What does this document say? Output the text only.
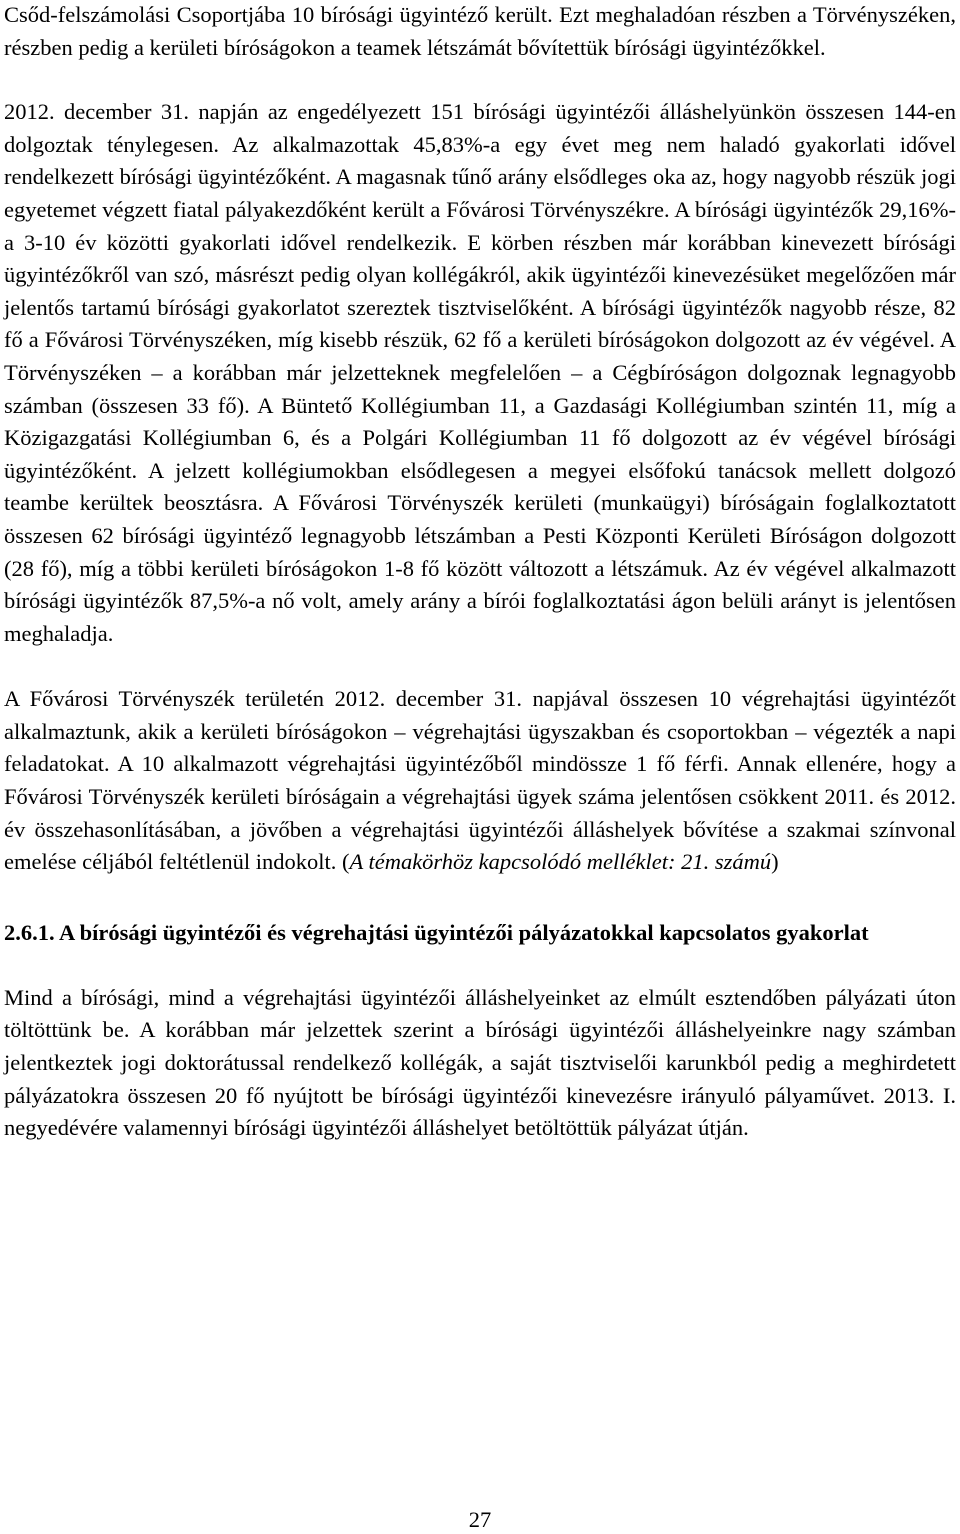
Csőd-felszámolási Csoportjába 10 bírósági ügyintéző került. Ezt meghaladóan részben a Törvényszéken, részben pedig a kerületi bíróságokon a teamek létszámát bővítettük bírósági ügyintézőkkel.

2012. december 31. napján az engedélyezett 151 bírósági ügyintézői álláshelyünkön összesen 144-en dolgoztak ténylegesen. Az alkalmazottak 45,83%-a egy évet meg nem haladó gyakorlati idővel rendelkezett bírósági ügyintézőként. A magasnak tűnő arány elsődleges oka az, hogy nagyobb részük jogi egyetemet végzett fiatal pályakezdőként került a Fővárosi Törvényszékre. A bírósági ügyintézők 29,16%-a 3-10 év közötti gyakorlati idővel rendelkezik. E körben részben már korábban kinevezett bírósági ügyintézőkről van szó, másrészt pedig olyan kollégákról, akik ügyintézői kinevezésüket megelőzően már jelentős tartamú bírósági gyakorlatot szereztek tisztviselőként. A bírósági ügyintézők nagyobb része, 82 fő a Fővárosi Törvényszéken, míg kisebb részük, 62 fő a kerületi bíróságokon dolgozott az év végével. A Törvényszéken – a korábban már jelzetteknek megfelelően – a Cégbíróságon dolgoznak legnagyobb számban (összesen 33 fő). A Büntető Kollégiumban 11, a Gazdasági Kollégiumban szintén 11, míg a Közigazgatási Kollégiumban 6, és a Polgári Kollégiumban 11 fő dolgozott az év végével bírósági ügyintézőként. A jelzett kollégiumokban elsődlegesen a megyei elsőfokú tanácsok mellett dolgozó teambe kerültek beosztásra. A Fővárosi Törvényszék kerületi (munkaügyi) bíróságain foglalkoztatott összesen 62 bírósági ügyintéző legnagyobb létszámban a Pesti Központi Kerületi Bíróságon dolgozott (28 fő), míg a többi kerületi bíróságokon 1-8 fő között változott a létszámuk. Az év végével alkalmazott bírósági ügyintézők 87,5%-a nő volt, amely arány a bírói foglalkoztatási ágon belüli arányt is jelentősen meghaladja.

A Fővárosi Törvényszék területén 2012. december 31. napjával összesen 10 végrehajtási ügyintézőt alkalmaztunk, akik a kerületi bíróságokon – végrehajtási ügyszakban és csoportokban – végezték a napi feladatokat. A 10 alkalmazott végrehajtási ügyintézőből mindössze 1 fő férfi. Annak ellenére, hogy a Fővárosi Törvényszék kerületi bíróságain a végrehajtási ügyek száma jelentősen csökkent 2011. és 2012. év összehasonlításában, a jövőben a végrehajtási ügyintézői álláshelyek bővítése a szakmai színvonal emelése céljából feltétlenül indokolt. (A témakörhöz kapcsolódó melléklet: 21. számú)

2.6.1. A bírósági ügyintézői és végrehajtási ügyintézői pályázatokkal kapcsolatos gyakorlat

Mind a bírósági, mind a végrehajtási ügyintézői álláshelyeinket az elmúlt esztendőben pályázati úton töltöttünk be. A korábban már jelzettek szerint a bírósági ügyintézői álláshelyeinkre nagy számban jelentkeztek jogi doktorátussal rendelkező kollégák, a saját tisztviselői karunkból pedig a meghirdetett pályázatokra összesen 20 fő nyújtott be bírósági ügyintézői kinevezésre irányuló pályaművet. 2013. I. negyedévére valamennyi bírósági ügyintézői álláshelyet betöltöttük pályázat útján.

27
